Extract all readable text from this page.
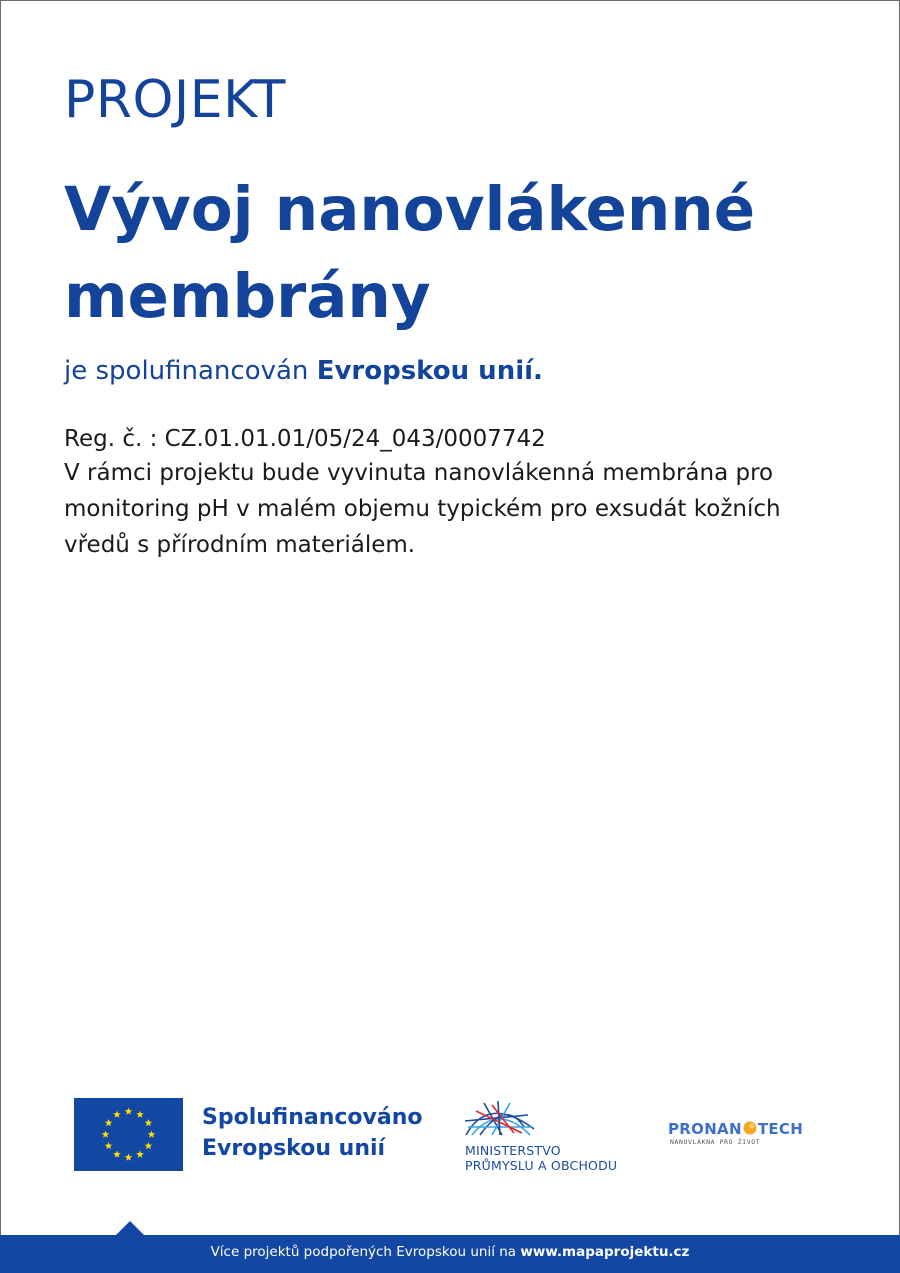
PROJEKT
Vývoj nanovlákenné
membrány

je spolufinancován Evropskou unií.

Reg. č. : CZ.01.01.01/05/24_043/0007742

V rámci projektu bude vyvinuta nanovlákenná membrána pro monitoring pH v malém objemu typickém pro exsudát kožních vředů s přírodním materiálem.

Spolufinancováno
Evropskou unií	MINISTERSTVO
PRŮMYSLU A OBCHODU
PRONAN TECH
NANOVLÁKNA PRO ŽIVOT
Více projektů podpořených Evropskou unií na www.mapaprojektu.cz
